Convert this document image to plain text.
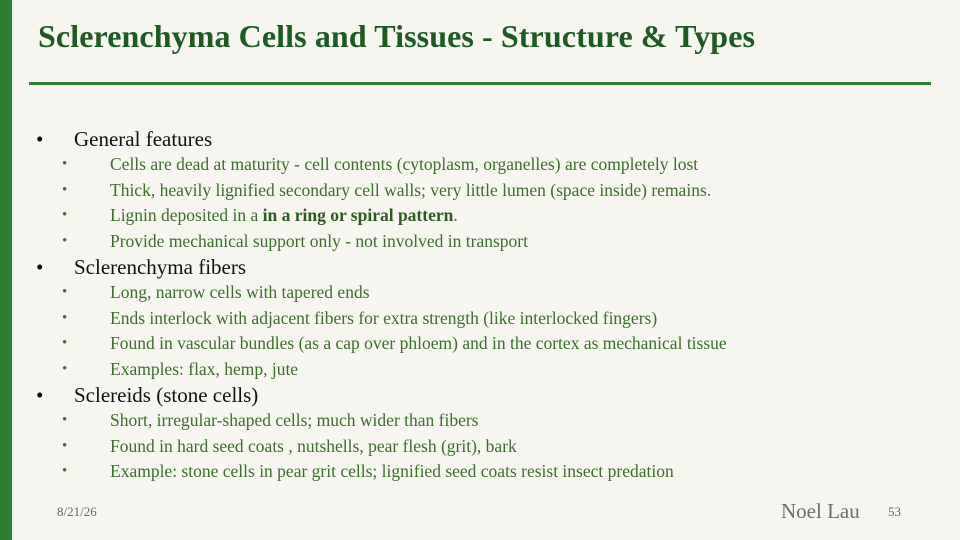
Sclerenchyma Cells and Tissues - Structure & Types
• General features
• Cells are dead at maturity - cell contents (cytoplasm, organelles) are completely lost
• Thick, heavily lignified secondary cell walls; very little lumen (space inside) remains.
• Lignin deposited in a in a ring or spiral pattern.
• Provide mechanical support only - not involved in transport
• Sclerenchyma fibers
• Long, narrow cells with tapered ends
• Ends interlock with adjacent fibers for extra strength (like interlocked fingers)
• Found in vascular bundles (as a cap over phloem) and in the cortex as mechanical tissue
• Examples: flax, hemp, jute
• Sclereids (stone cells)
• Short, irregular-shaped cells; much wider than fibers
• Found in hard seed coats , nutshells, pear flesh (grit), bark
• Example: stone cells in pear grit cells; lignified seed coats resist insect predation
8/21/26	Noel Lau 53
